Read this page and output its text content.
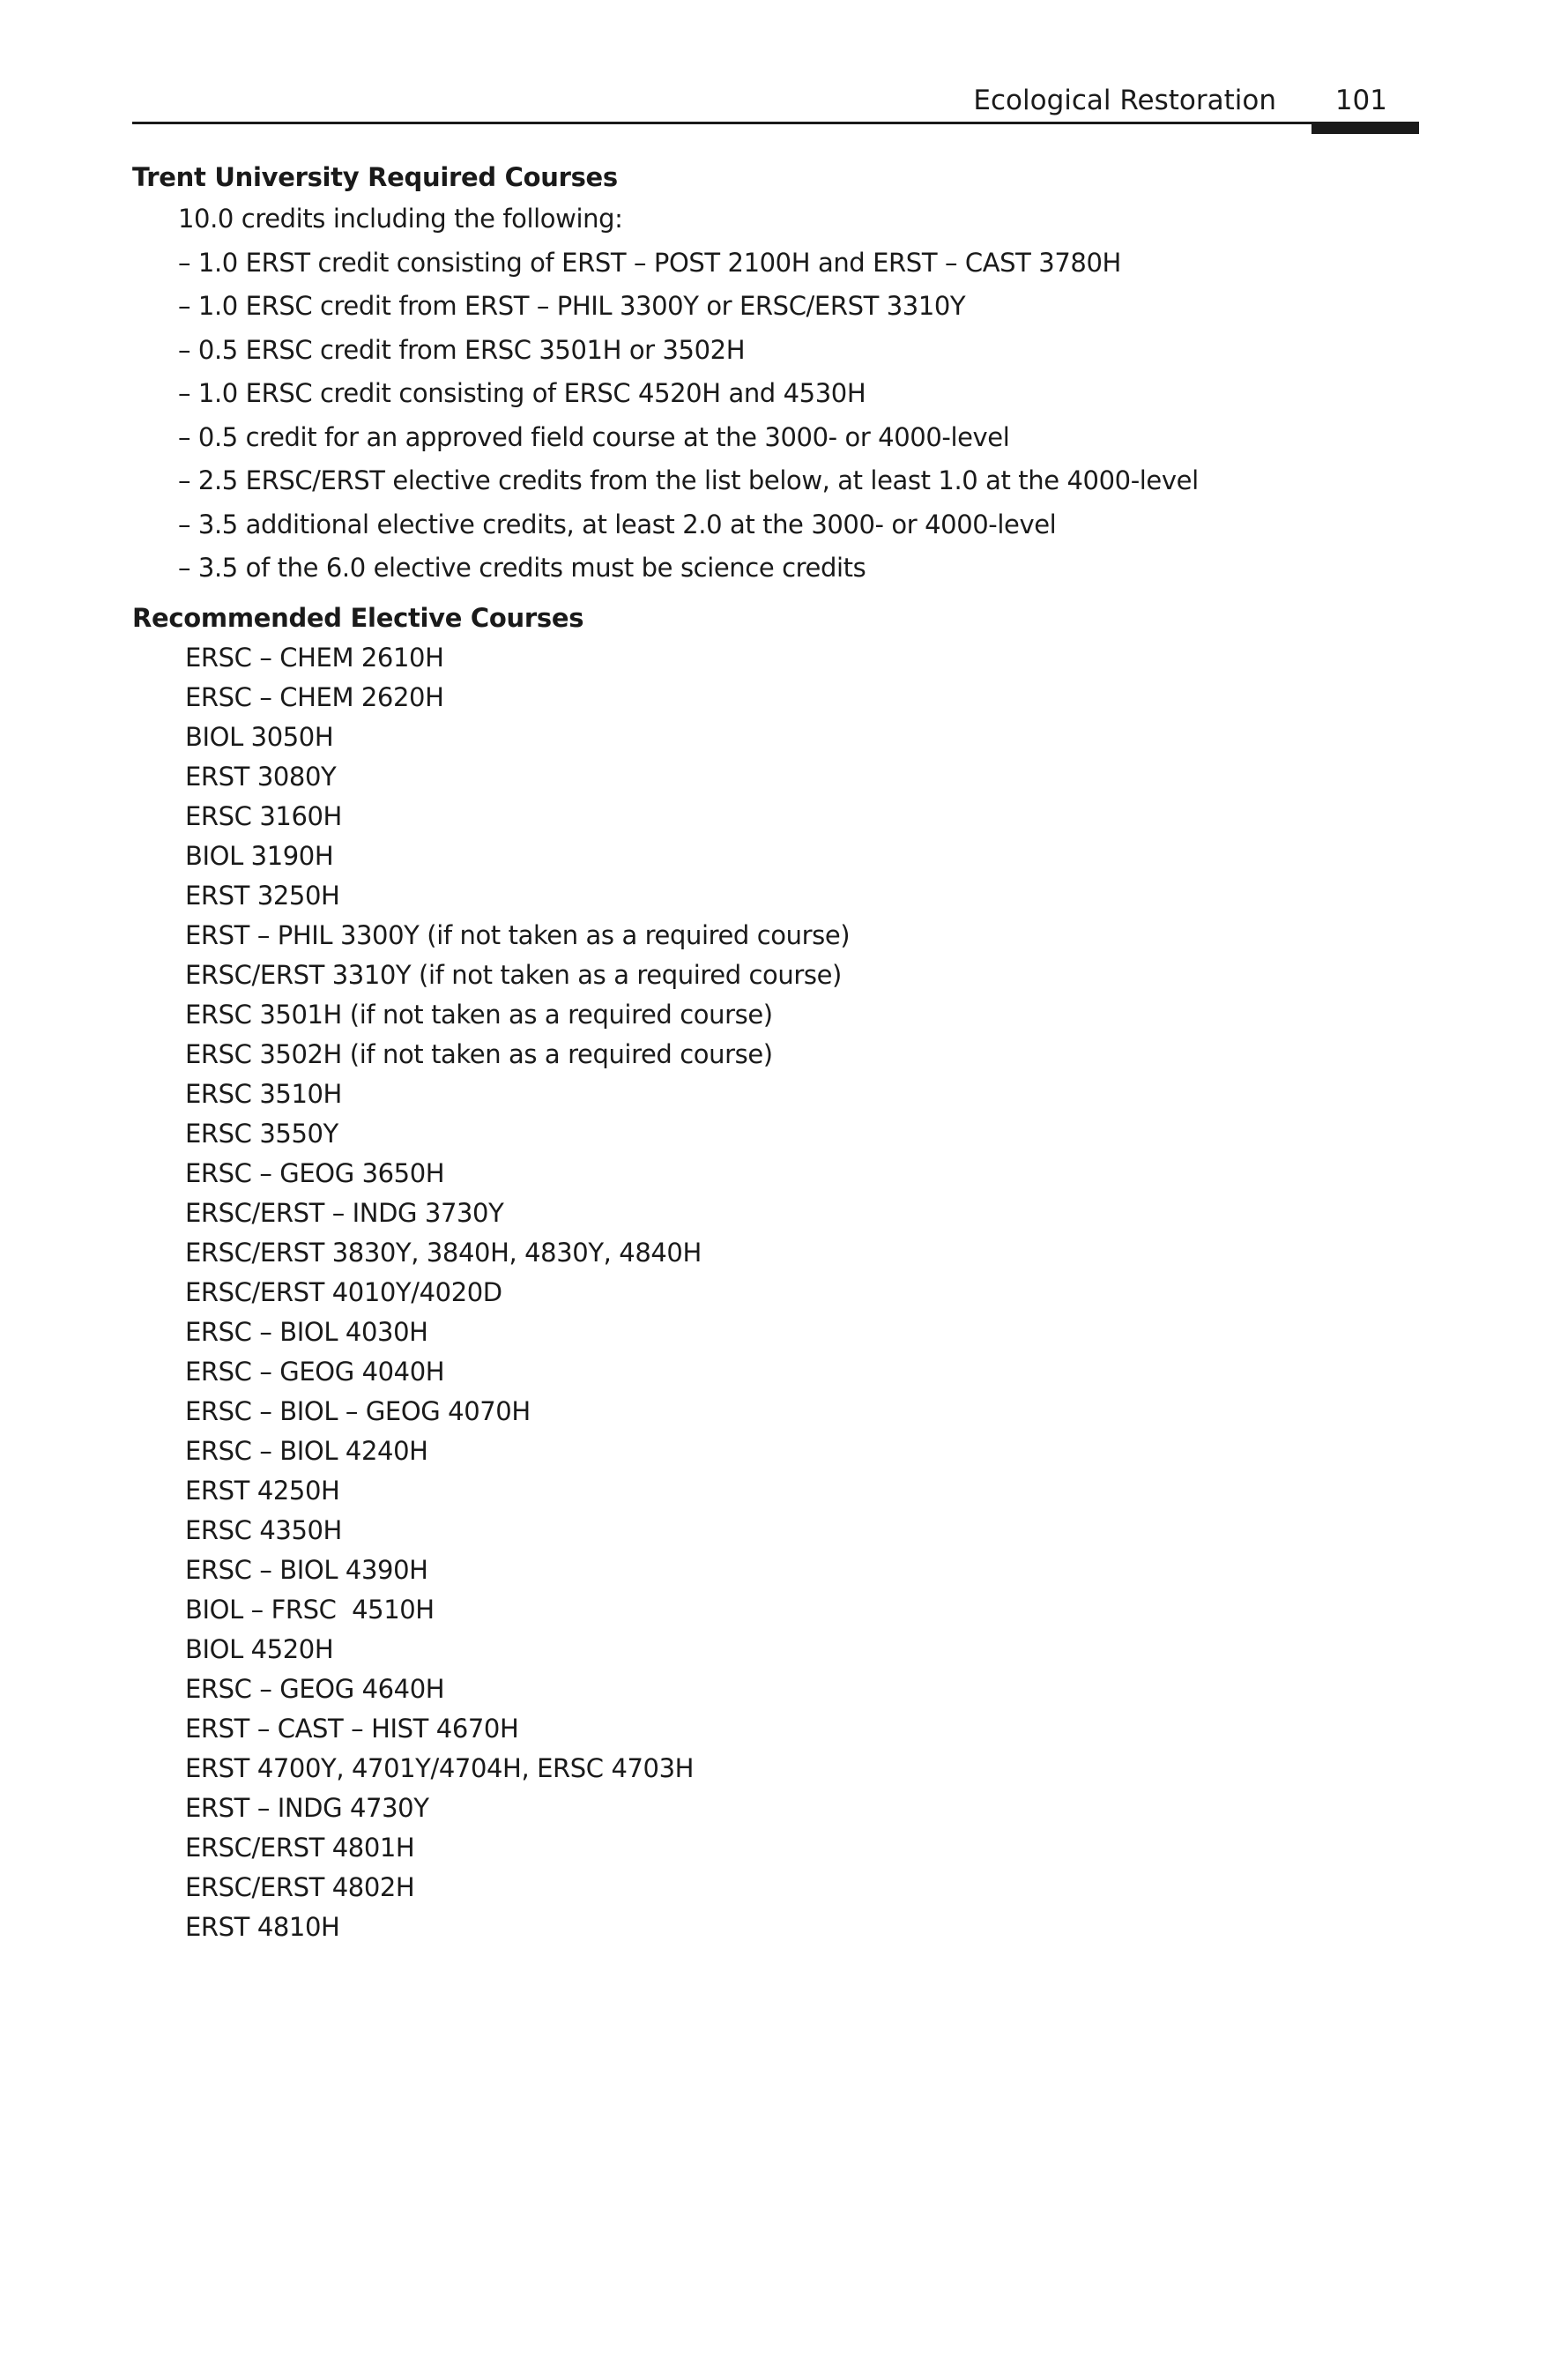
Ecological Restoration 101
Trent University Required Courses
10.0 credits including the following:
– 1.0 ERST credit consisting of ERST – POST 2100H and ERST – CAST 3780H
– 1.0 ERSC credit from ERST – PHIL 3300Y or ERSC/ERST 3310Y
– 0.5 ERSC credit from ERSC 3501H or 3502H
– 1.0 ERSC credit consisting of ERSC 4520H and 4530H
– 0.5 credit for an approved field course at the 3000- or 4000-level
– 2.5 ERSC/ERST elective credits from the list below, at least 1.0 at the 4000-level
– 3.5 additional elective credits, at least 2.0 at the 3000- or 4000-level
– 3.5 of the 6.0 elective credits must be science credits
Recommended Elective Courses
ERSC – CHEM 2610H
ERSC – CHEM 2620H
BIOL 3050H
ERST 3080Y
ERSC 3160H
BIOL 3190H
ERST 3250H
ERST – PHIL 3300Y (if not taken as a required course)
ERSC/ERST 3310Y (if not taken as a required course)
ERSC 3501H (if not taken as a required course)
ERSC 3502H (if not taken as a required course)
ERSC 3510H
ERSC 3550Y
ERSC – GEOG 3650H
ERSC/ERST – INDG 3730Y
ERSC/ERST 3830Y, 3840H, 4830Y, 4840H
ERSC/ERST 4010Y/4020D
ERSC – BIOL 4030H
ERSC – GEOG 4040H
ERSC – BIOL – GEOG 4070H
ERSC – BIOL 4240H
ERST 4250H
ERSC 4350H
ERSC – BIOL 4390H
BIOL – FRSC  4510H
BIOL 4520H
ERSC – GEOG 4640H
ERST – CAST – HIST 4670H
ERST 4700Y, 4701Y/4704H, ERSC 4703H
ERST – INDG 4730Y
ERSC/ERST 4801H
ERSC/ERST 4802H
ERST 4810H
